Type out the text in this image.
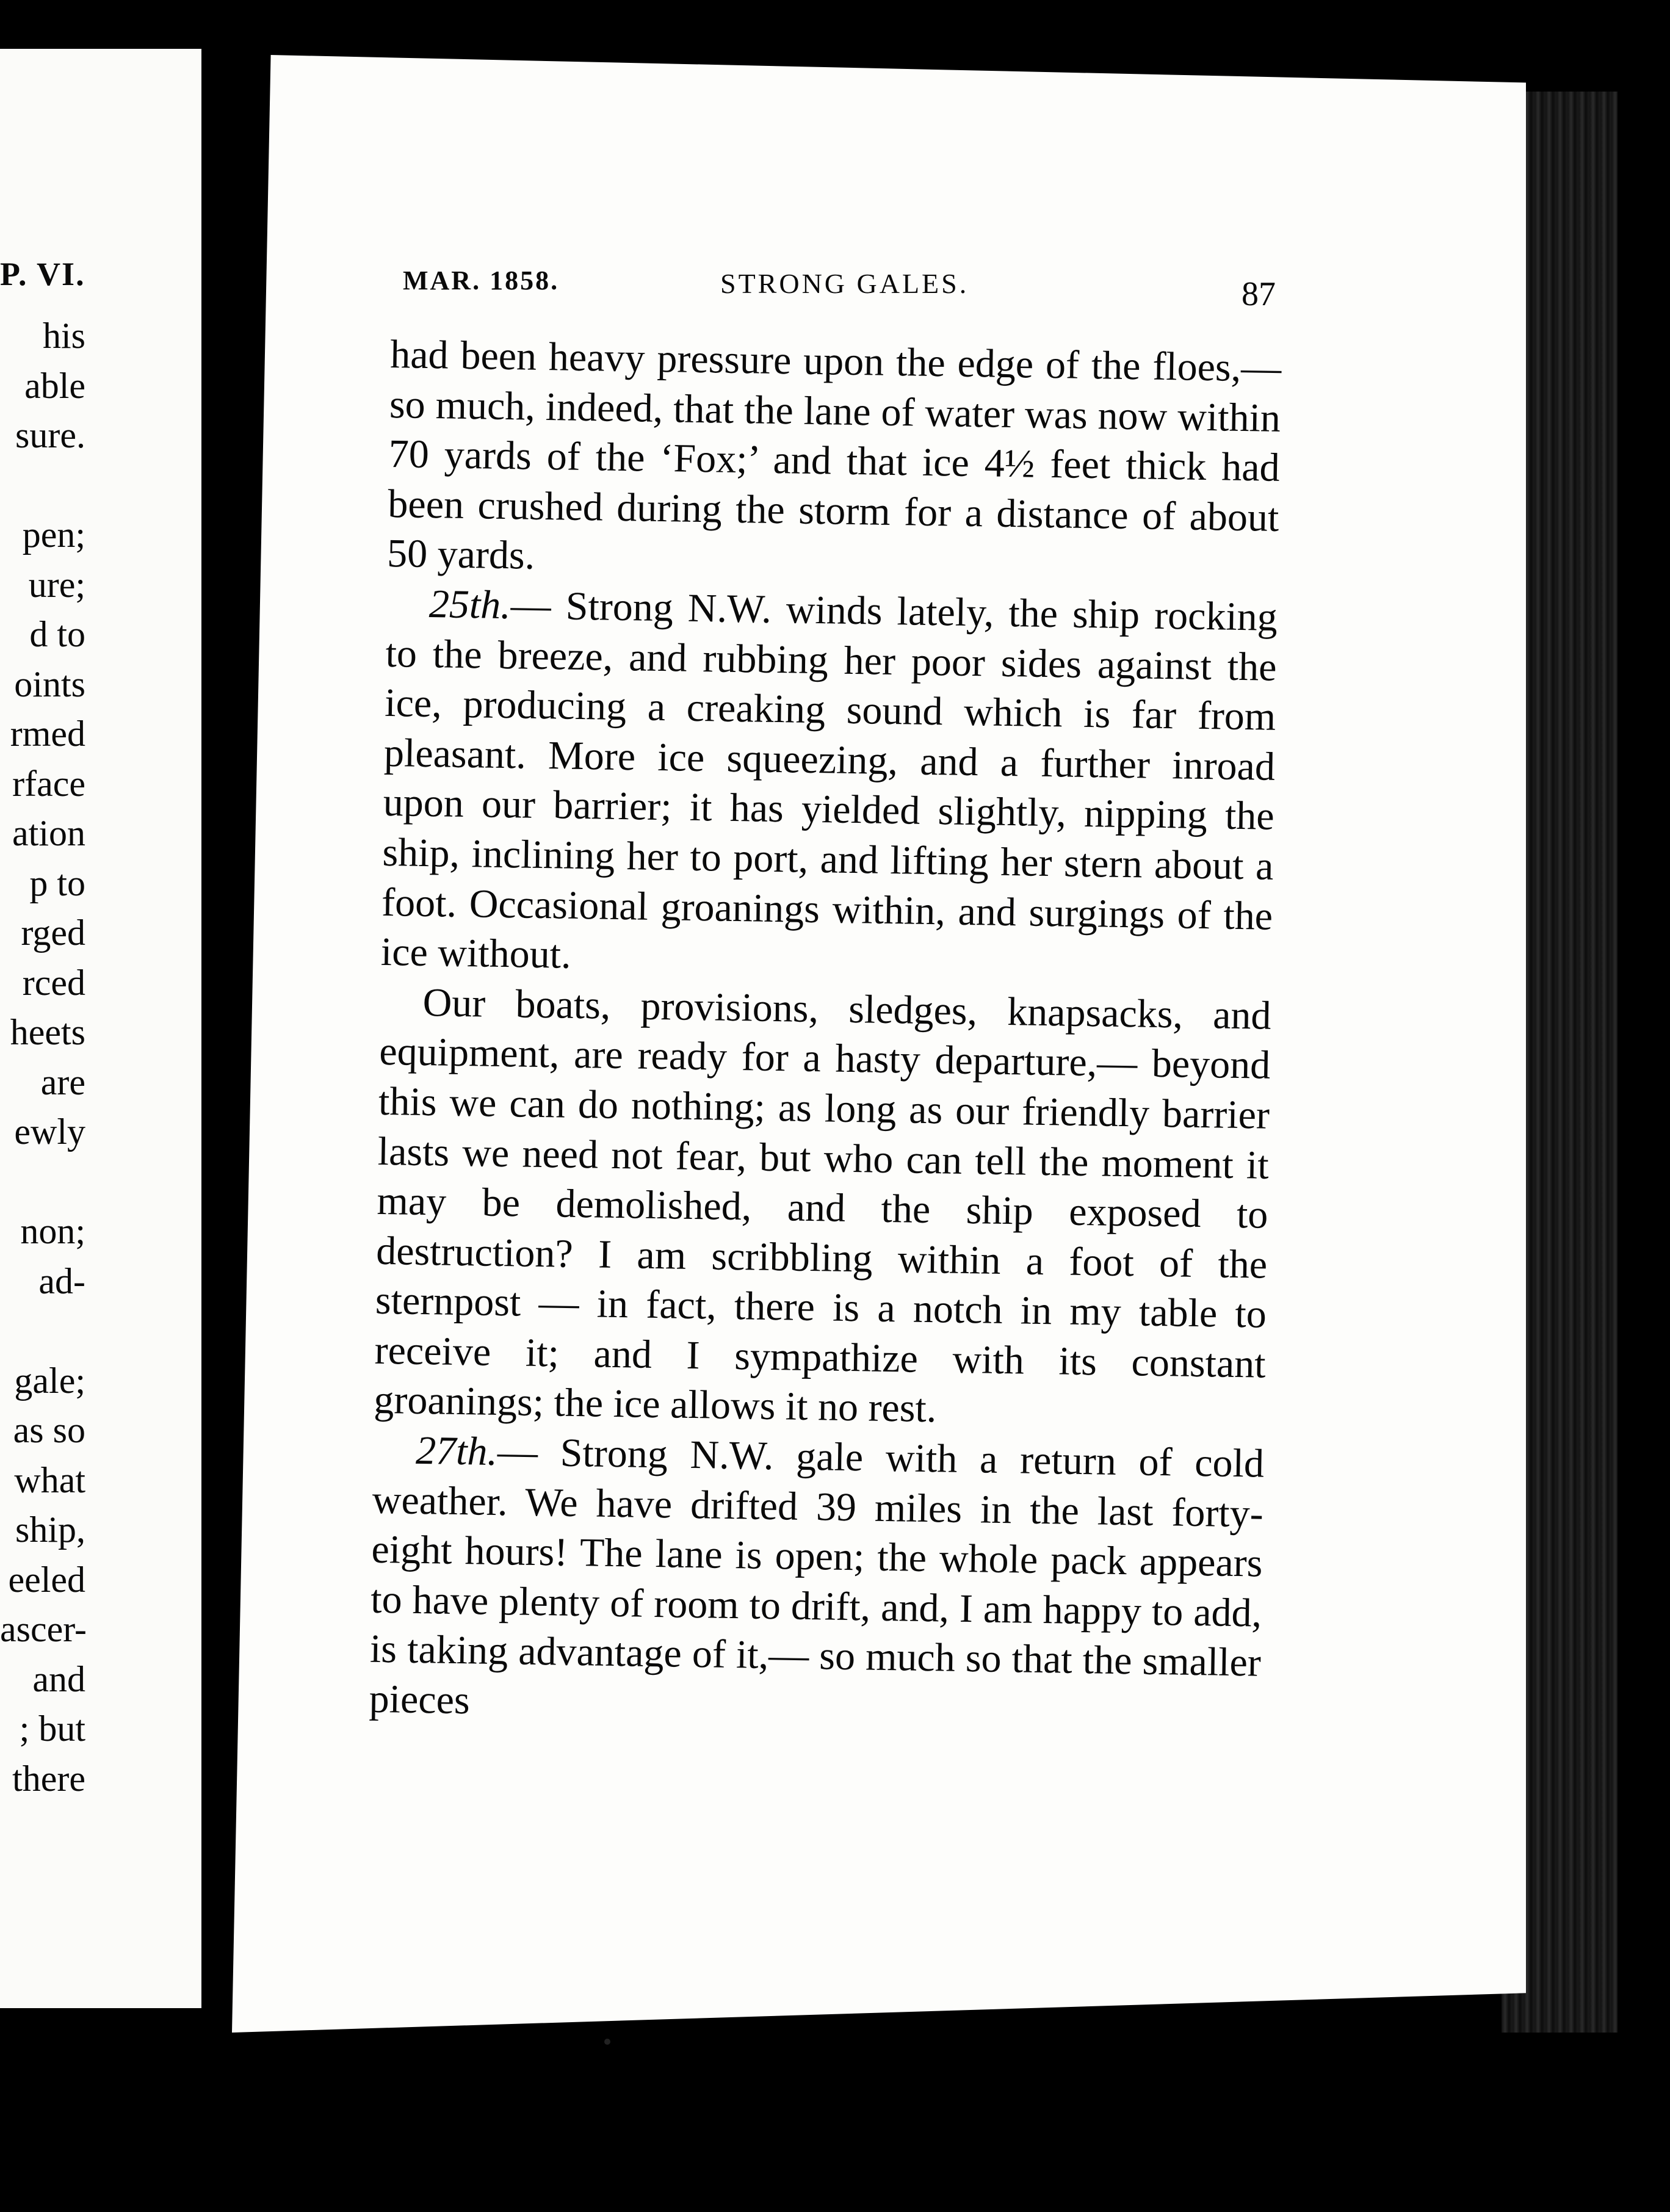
P. VI.
his
able
sure.
pen;
ure;
d to
oints
rmed
rface
ation
p to
rged
rced
heets
are
ewly
non;
ad-
gale;
as so
what
ship,
eeled
ascer-
and
; but
there
MAR. 1858.	STRONG GALES.	87

had been heavy pressure upon the edge of the floes,— so much, indeed, that the lane of water was now within 70 yards of the ‘Fox;’ and that ice 4½ feet thick had been crushed during the storm for a distance of about 50 yards.

25th.— Strong N.W. winds lately, the ship rocking to the breeze, and rubbing her poor sides against the ice, producing a creaking sound which is far from pleasant. More ice squeezing, and a further inroad upon our barrier; it has yielded slightly, nipping the ship, inclining her to port, and lifting her stern about a foot. Occasional groanings within, and surgings of the ice without.

Our boats, provisions, sledges, knapsacks, and equipment, are ready for a hasty departure,— beyond this we can do nothing; as long as our friendly barrier lasts we need not fear, but who can tell the moment it may be demolished, and the ship exposed to destruction? I am scribbling within a foot of the sternpost — in fact, there is a notch in my table to receive it; and I sympathize with its constant groanings; the ice allows it no rest.

27th.— Strong N.W. gale with a return of cold weather. We have drifted 39 miles in the last forty-eight hours! The lane is open; the whole pack appears to have plenty of room to drift, and, I am happy to add, is taking advantage of it,— so much so that the smaller pieces
